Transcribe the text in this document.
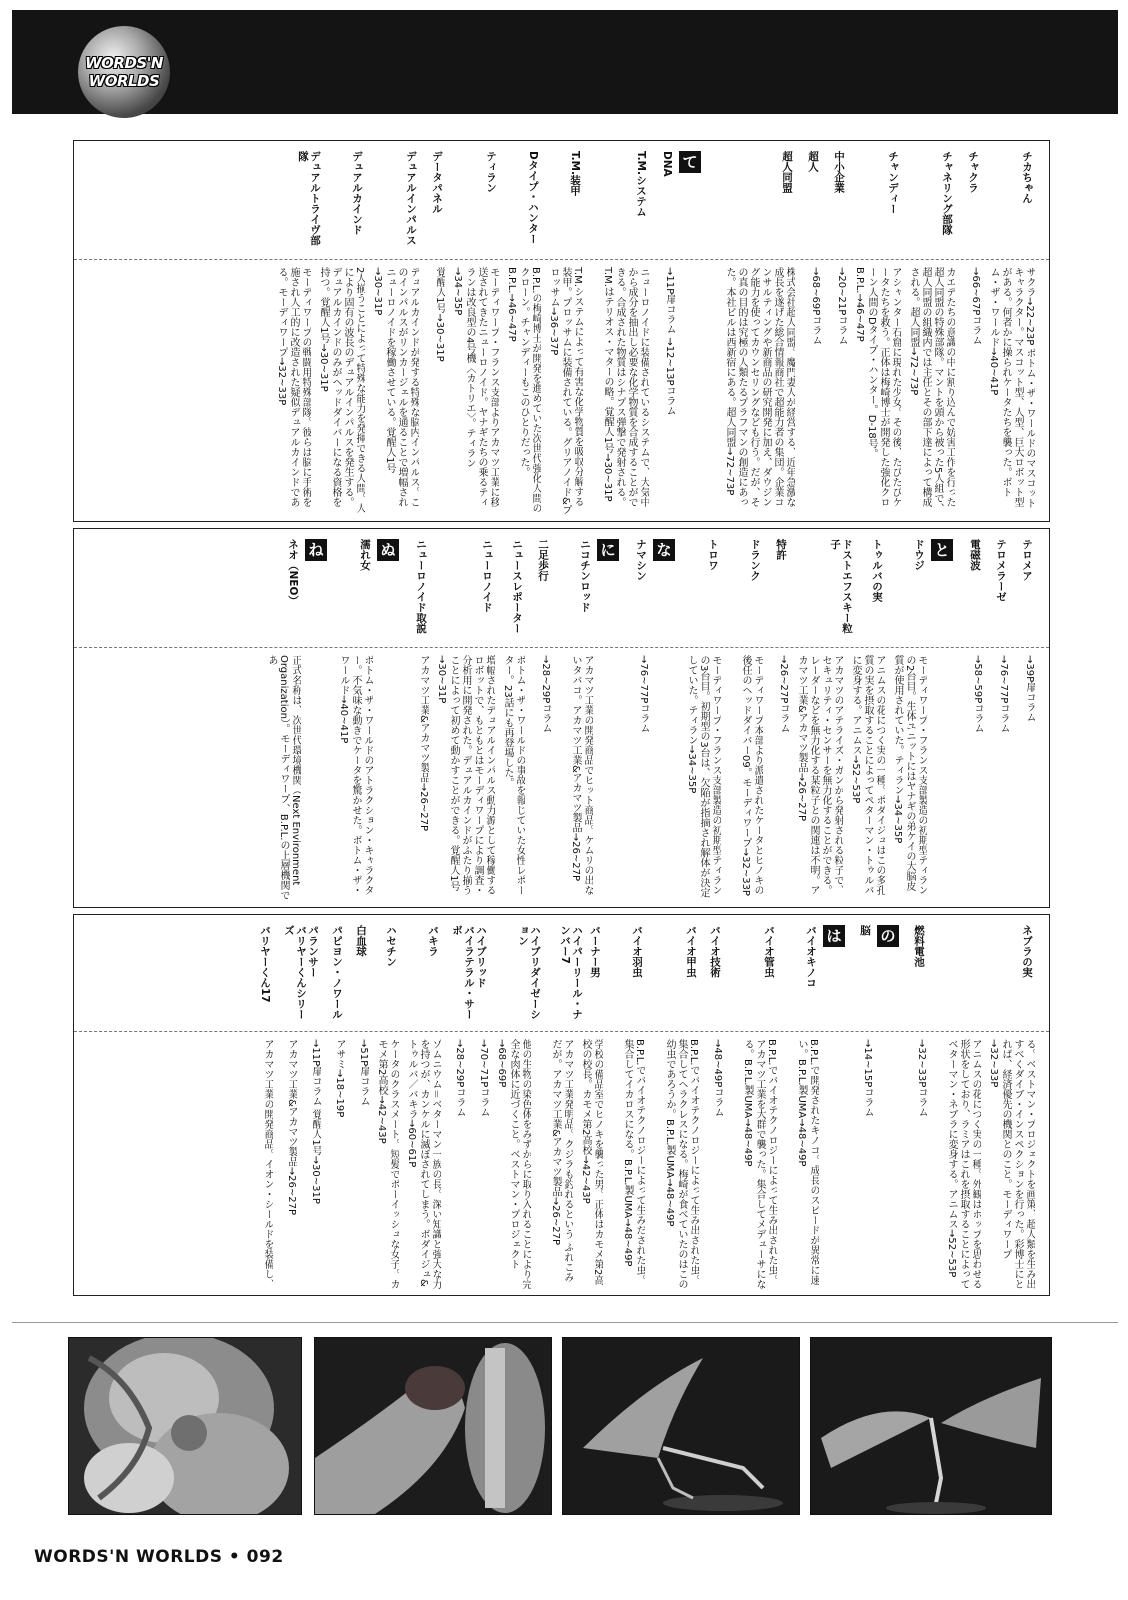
WORDS'N
WORLDS
チカちゃん
サクラ→22~23P ボトム・ザ・ワールドのマスコットキャラクター。マスコット型、人型、巨大ロボット型がある。何者かに操られケータたちを襲った。ボトム・ザ・ワールド→40~41P
チャクラ
→66~67Pコラム
チャネリング部隊
カエデたちの意識の中に割り込んで妨害工作を行った超人同盟の特殊部隊。マントを頭から被った5人組で、超人同盟の組織内では主任とその部下達によって構成される。超人同盟→72~73P
チャンディー
アシャンター石窟に現れた少女。その後、たびたびケータたちを救う。正体は梅崎博士が開発した強化クローン人間のDタイプ・ハンター。D-18号。B.P.L.→46~47P
中小企業
→20~21Pコラム
超人
→68~69Pコラム
超人同盟
株式会社超人同盟。魔門妻人が経営する、近年急激な成長を遂げた総合情報商社で超能力者の集団。企業コンサルティングや新商品の研究開発に加え、ダウジング能力を使ってカウンセリングなども行う。だが、その真の目的は究極の人類たるプラフマンの創造にあった。本社ビルは西新宿にある。超人同盟→72~73P
て
DNA
→11P扉コラム →12~13Pコラム
T.M.システム
ニューロノイドに装備されているシステムで、大気中から成分を抽出し必要な化学物質を合成することができる。合成された物質はシナプス弾撃で発射される。T.M.はテリオス・マターの略。覚醒人1号→30~31P
T.M.装甲
T.M.システムによって有害な化学物質を吸収分解する装甲。プロッサムに装備されている。グリアノイド&プロッサム→36~37P
Dタイプ・ハンター
B.P.L.の梅崎博士が開発を進めていた次世代強化人間のクローン。チャンディーもこのひとりだった。B.P.L.→46~47P
ティラン
モーディワープ・フランス支部よりアカマツ工業に移送されてきたニューロノイド。ヤナギたちの乗るティランは改良型の4号機〈カトリエ〉。ティラン→34~35P
データパネル
覚醒人1号→30~31P
デュアルインパルス
デュアルカインドが発する特殊な脳内インパルス。このインパルスがリンカージェルを通ることで増幅されニューロノイドを稼働させている。覚醒人1号→30~31P
デュアルカインド
2人揃うことによって特殊な能力を発揮できる人間。人により固有の波長のデュアルインパルスを発生する。デュアルカインドのみがヘッドダイバーになる資格を持つ。覚醒人1号→30~31P
デュアルトライヴ部隊
モーディワープの戦闘用特殊部隊。彼らは脳に手術を施され人工的に改造された疑似デュアルカインドである。モーディワープ→32~33P
テロメア
→39P扉コラム
テロメラーゼ
→76~77Pコラム
電磁波
→58~59Pコラム
と
ドウジ
モーディワープ・フランス支部製造の初期型ティランの2台目。生体ユニットにはヤナギの弟ケイの大脳皮質が使用されていた。ティラン→34~35P
トゥルバの実
アニムスの花につく実の一種。ポダイジュはこの多孔質の実を摂取することによってペターマン・トゥルバに変身する。アニムス→52~53P
ドストエフスキー粒子
アカマツのアテライズ・ガンから発射される粒子で、セキュリティ・センサーを無力化することができる。レーダーなどを無力化する某粒子との関連は不明。アカマツ工業&アカマツ製品→26~27P
特許
→26~27Pコラム
ドランク
モーディワープ本部より派遣されたケータとヒノキの後任のヘッドダイバー09。モーディワープ→32~33P
トロワ
モーディワープ・フランス支部製造の初期型ティランの3台目。初期型の3台は、欠陥が指摘され解体が決定していた。ティラン→34~35P
な
ナマシン
→76~77Pコラム
に
ニコチンロッド
アカマツ工業の開発商品でヒット商品。ケムリの出ないタバコ。アカマツ工業&アカマツ製品→26~27P
二足歩行
→28~29Pコラム
ニュースレポーター
ボトム・ザ・ワールドの事故を報じていた女性レポーター。23話にも再登場した。
ニューロノイド
増幅されたデュアルインパルス動力源として稼働するロボットで、もともとはモーディワープにより調査・分析用に開発された。デュアルカインドがふたり揃うことによって初めて動かすことができる。覚醒人1号→30~31P
ニューロノイド取説
アカマツ工業&アカマツ製品→26~27P
ぬ
濡れ女
ボトム・ザ・ワールドのアトラクション・キャラクター。不気味な動きでケータを驚かせた。ボトム・ザ・ワールド→40~41P
ね
ネオ（NEO）
正式名称は、次世代環境機関（Next Environment Organization）。モーディワープ、B.P.L.の上層機関であ
ネブラの実
る。ベストマン・プロジェクトを画策、超人類を生み出すべくダイブ・インスペクションを行った。彩博士にとれば、経済優先の機関とのこと。モーディワープ→32~33P
アニムスの花につく実の一種。外観はホップを思わせる形状をしており、ラミアはこれを摂取することによってベターマン・ネブラに変身する。アニムス→52~53P
燃料電池
→32~33Pコラム
の
脳
→14~15Pコラム
は
バイオキノコ
B.P.L.で開発されたキノコ。成長のスピードが異常に速い。B.P.L.製UMA→48~49P
バイオ管虫
B.P.L.でバイオテクノロジーによって生み出された虫。アカマツ工業を大群で襲った。集合してメデューサになる。B.P.L.製UMA→48~49P
バイオ技術
→48~49Pコラム
バイオ甲虫
B.P.L.でバイオテクノロジーによって生み出された虫。集合してヘラクレスになる。梅崎が食べていたのはこの幼虫であろうか。B.P.L.製UMA→48~49P
バイオ羽虫
B.P.L.でバイオテクノロジーによって生みだされた虫。集合してイカロスになる。B.P.L.製UMA→48~49P
バーナー男
学校の備品室でヒノキを襲った男。正体はカモメ第2高校の校長。カモメ第2高校→42~43P
ハイパーリール・ナンバー7
アカマツ工業発明品。クジラも釣れるという ふれこみだが。アカマツ工業&アカマツ製品→26~27P
ハイブリダイゼーション
他の生物の染色体をみずからに取り入れることにより完全な肉体に近づくこと。ベストマン・プロジェクト→68~69P
ハイブリッド
→70~71Pコラム
バイラテラル・サーボ
→28~29Pコラム
バキラ
ゾムニウム＝ベターマン一族の長。深い知識と強大な力を持つが、カンケルに滅ぼされてしまう。ボダイジュ&トゥルバ／バキラ→60~61P
ハセチン
ケータのクラスメート。短髪でボーイッシュな女子。カモメ第2高校→42~43P
白血球
→51P扉コラム
パピヨン・ノワール
アサミ→18~19P
パランサー
→11P扉コラム 覚醒人1号→30~31P
バリヤーくんシリーズ
アカマツ工業&アカマツ製品→26~27P
バリヤーくん17
アカマツ工業の開発商品。イオン・シールドを装備し、
WORDS'N WORLDS • 092
